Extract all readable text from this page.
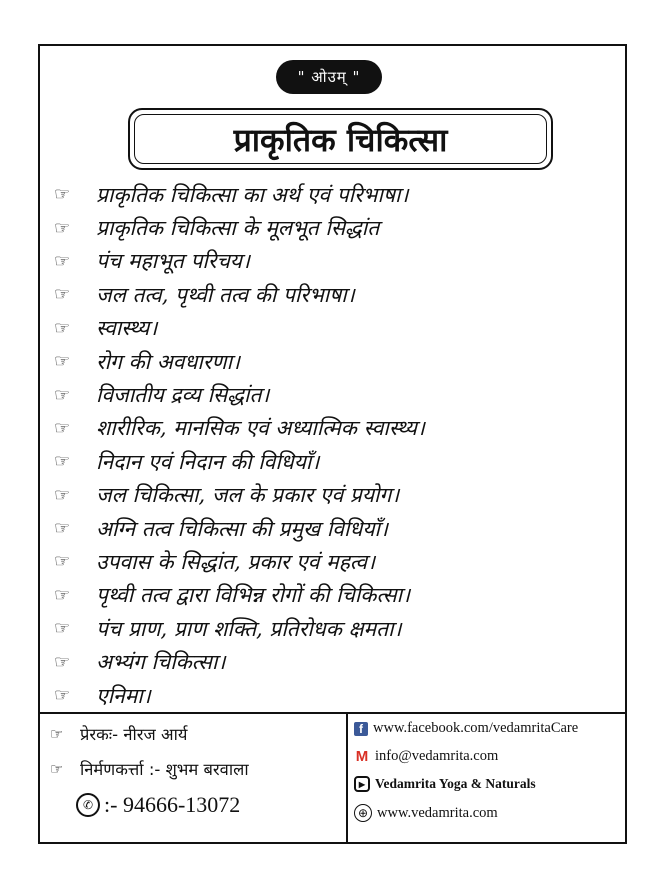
" ओउम् "
प्राकृतिक चिकित्सा
☞	प्राकृतिक चिकित्सा का अर्थ एवं परिभाषा।
☞	प्राकृतिक चिकित्सा के मूलभूत सिद्धांत
☞	पंच महाभूत परिचय।
☞	जल तत्व, पृथ्वी तत्व की परिभाषा।
☞	स्वास्थ्य।
☞	रोग की अवधारणा।
☞	विजातीय द्रव्य सिद्धांत।
☞	शारीरिक, मानसिक एवं अध्यात्मिक स्वास्थ्य।
☞	निदान एवं निदान की विधियाँ।
☞	जल चिकित्सा, जल के प्रकार एवं प्रयोग।
☞	अग्नि तत्व चिकित्सा की प्रमुख विधियाँ।
☞	उपवास के सिद्धांत, प्रकार एवं महत्व।
☞	पृथ्वी तत्व द्वारा विभिन्न रोगों की चिकित्सा।
☞	पंच प्राण, प्राण शक्ति, प्रतिरोधक क्षमता।
☞	अभ्यंग चिकित्सा।
☞	एनिमा।
☞	प्रेरकः- नीरज आर्य
☞	निर्मणकर्त्ता :- शुभम बरवाला
✆ :- 94666-13072
f www.facebook.com/vedamritaCare
M info@vedamrita.com
▶ Vedamrita Yoga & Naturals
⊕ www.vedamrita.com
